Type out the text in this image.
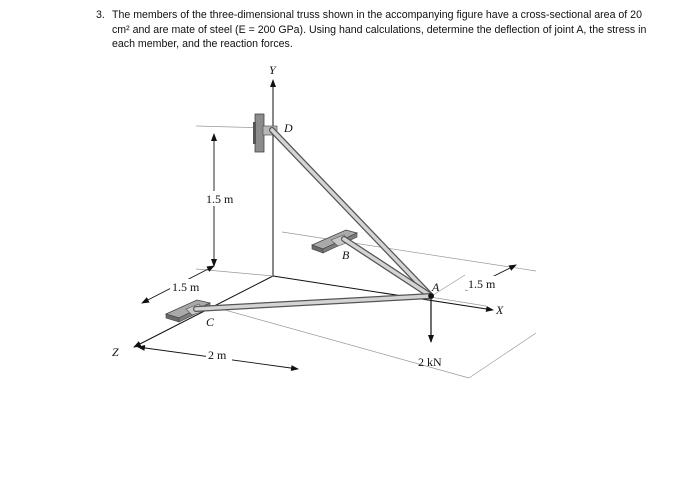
3. The members of the three-dimensional truss shown in the accompanying figure have a cross-sectional area of 20 cm² and are mate of steel (E = 200 GPa). Using hand calculations, determine the deflection of joint A, the stress in each member, and the reaction forces.
Y
X
Z
D
B
C
A
1.5 m
1.5 m	1.5 m
2 m	2 kN
